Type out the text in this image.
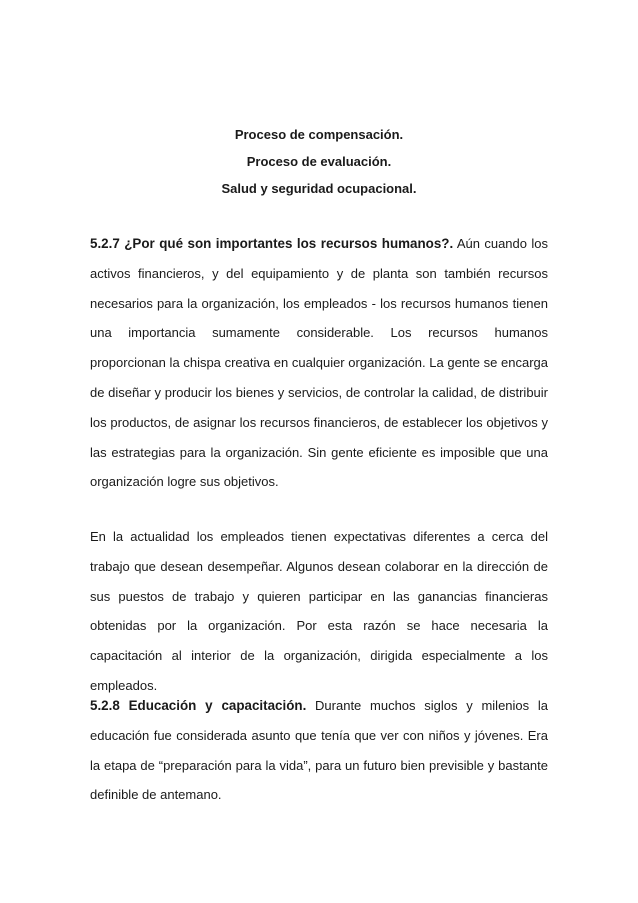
Proceso de compensación.
Proceso de evaluación.
Salud y seguridad ocupacional.

5.2.7 ¿Por qué son importantes los recursos humanos?. Aún cuando los activos financieros, y del equipamiento y de planta son también recursos necesarios para la organización, los empleados - los recursos humanos tienen una importancia sumamente considerable. Los recursos humanos proporcionan la chispa creativa en cualquier organización. La gente se encarga de diseñar y producir los bienes y servicios, de controlar la calidad, de distribuir los productos, de asignar los recursos financieros, de establecer los objetivos y las estrategias para la organización. Sin gente eficiente es imposible que una organización logre sus objetivos.

En la actualidad los empleados tienen expectativas diferentes a cerca del trabajo que desean desempeñar. Algunos desean colaborar en la dirección de sus puestos de trabajo y quieren participar en las ganancias financieras obtenidas por la organización. Por esta razón se hace necesaria la capacitación al interior de la organización, dirigida especialmente a los empleados.

5.2.8 Educación y capacitación. Durante muchos siglos y milenios la educación fue considerada asunto que tenía que ver con niños y jóvenes. Era la etapa de “preparación para la vida”, para un futuro bien previsible y bastante definible de antemano.
